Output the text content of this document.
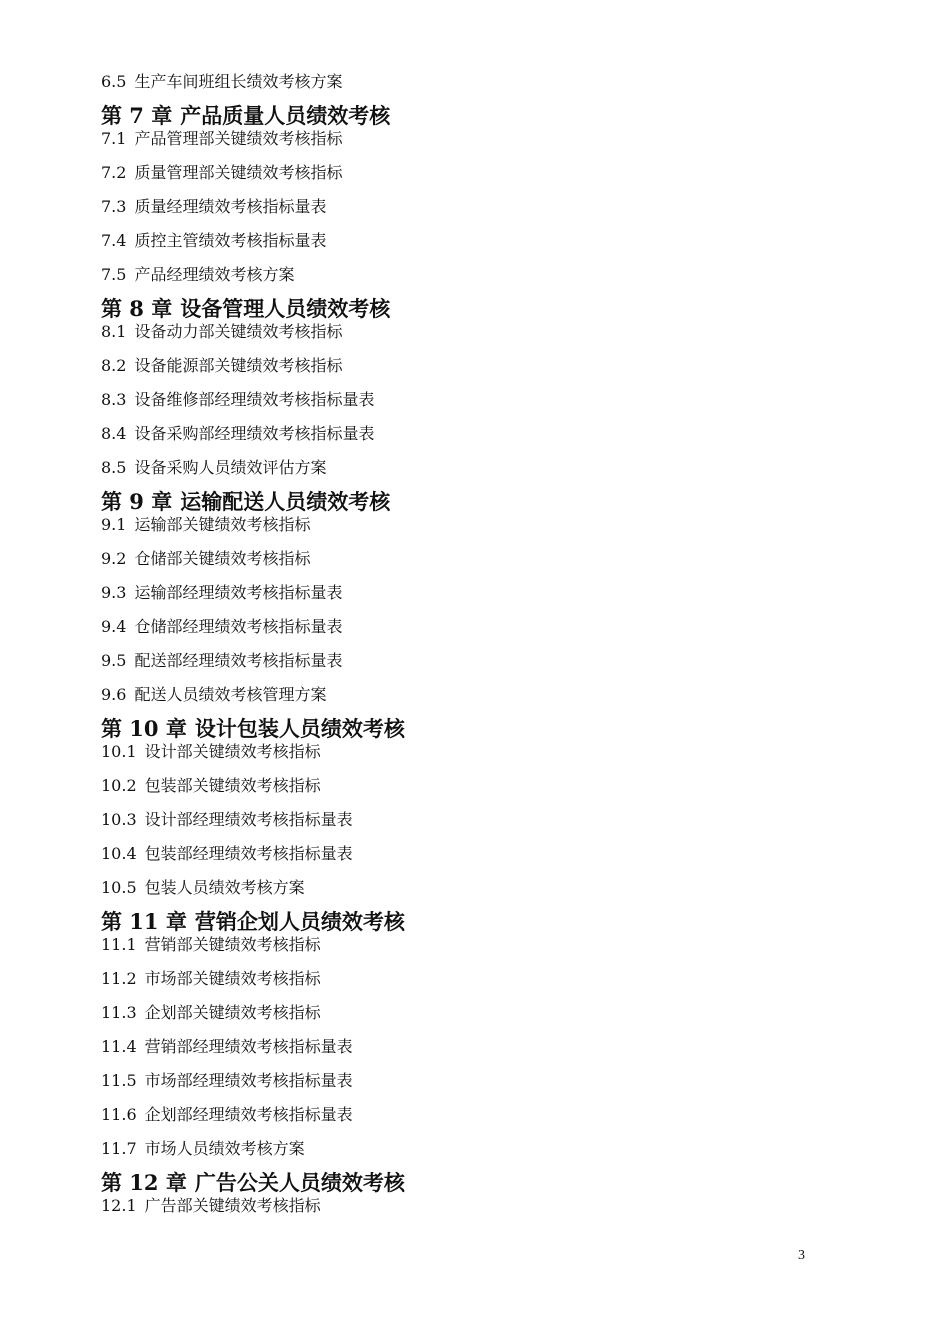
6.5 生产车间班组长绩效考核方案
第 7 章 产品质量人员绩效考核
7.1 产品管理部关键绩效考核指标
7.2 质量管理部关键绩效考核指标
7.3 质量经理绩效考核指标量表
7.4 质控主管绩效考核指标量表
7.5 产品经理绩效考核方案
第 8 章 设备管理人员绩效考核
8.1 设备动力部关键绩效考核指标
8.2 设备能源部关键绩效考核指标
8.3 设备维修部经理绩效考核指标量表
8.4 设备采购部经理绩效考核指标量表
8.5 设备采购人员绩效评估方案
第 9 章 运输配送人员绩效考核
9.1 运输部关键绩效考核指标
9.2 仓储部关键绩效考核指标
9.3 运输部经理绩效考核指标量表
9.4 仓储部经理绩效考核指标量表
9.5 配送部经理绩效考核指标量表
9.6 配送人员绩效考核管理方案
第 10 章 设计包装人员绩效考核
10.1 设计部关键绩效考核指标
10.2 包装部关键绩效考核指标
10.3 设计部经理绩效考核指标量表
10.4 包装部经理绩效考核指标量表
10.5 包装人员绩效考核方案
第 11 章 营销企划人员绩效考核
11.1 营销部关键绩效考核指标
11.2 市场部关键绩效考核指标
11.3 企划部关键绩效考核指标
11.4 营销部经理绩效考核指标量表
11.5 市场部经理绩效考核指标量表
11.6 企划部经理绩效考核指标量表
11.7 市场人员绩效考核方案
第 12 章 广告公关人员绩效考核
12.1 广告部关键绩效考核指标
3
